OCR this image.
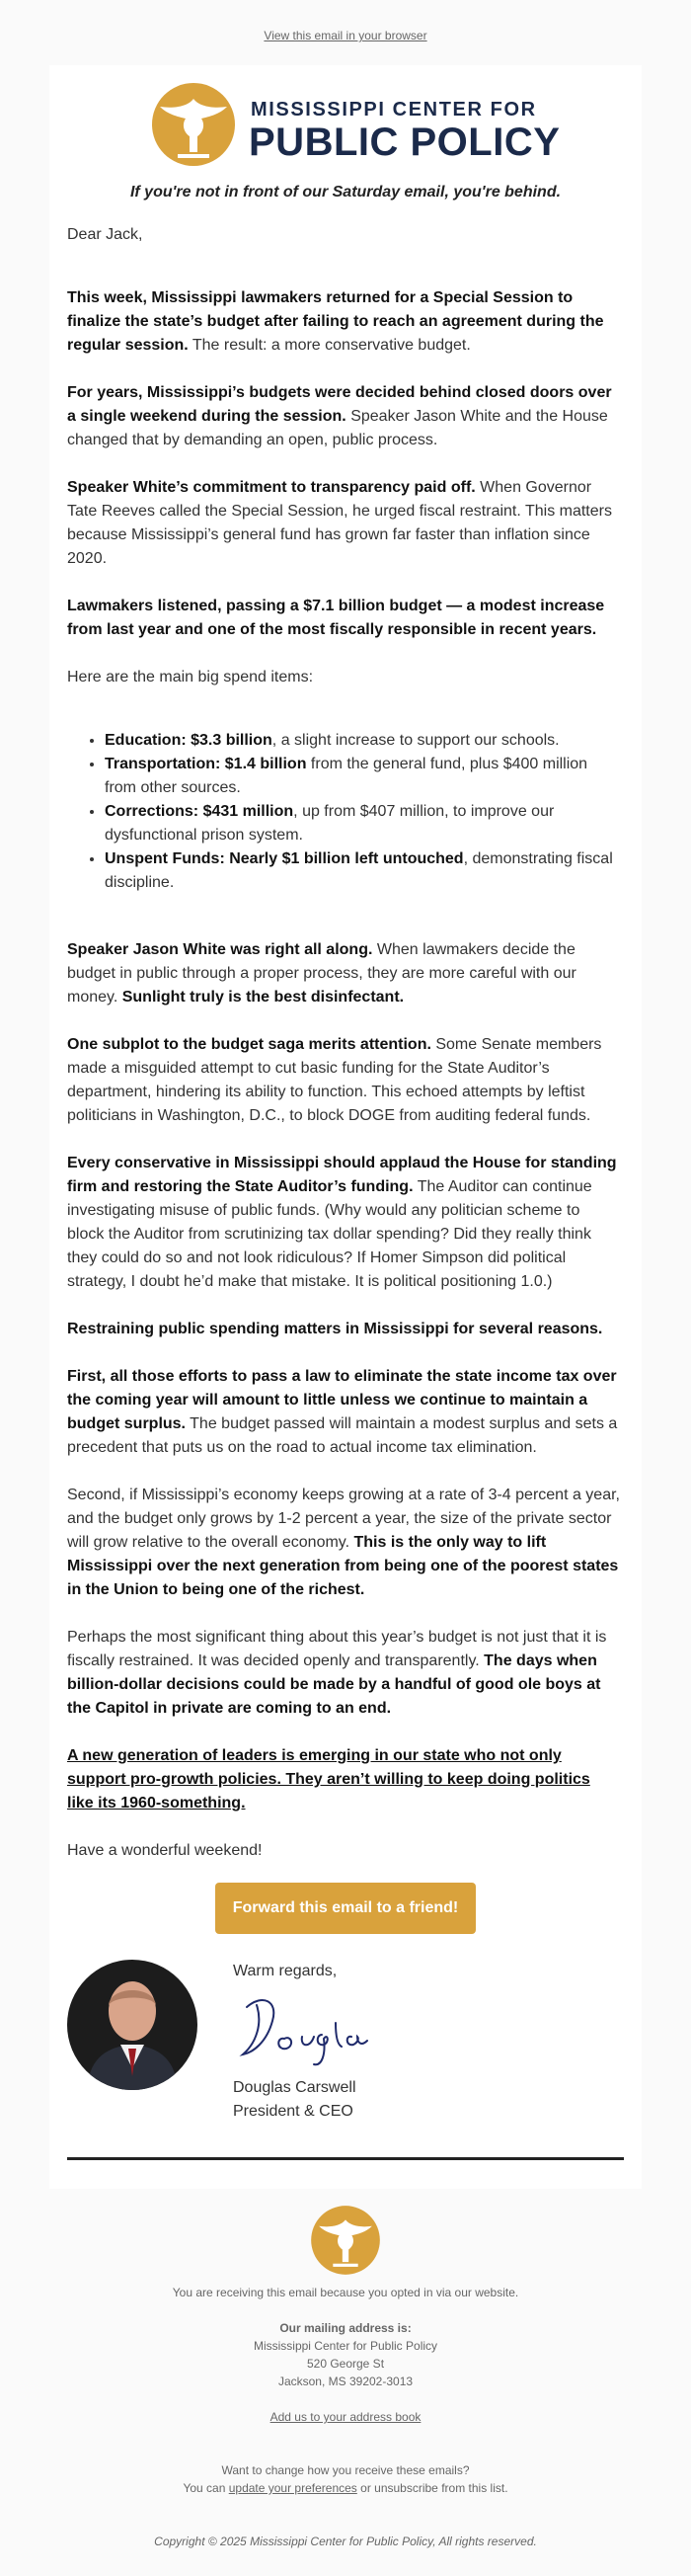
View this email in your browser
MISSISSIPPI CENTER FOR
PUBLIC POLICY
If you're not in front of our Saturday email, you're behind.

Dear Jack,

This week, Mississippi lawmakers returned for a Special Session to finalize the state’s budget after failing to reach an agreement during the regular session. The result: a more conservative budget.

For years, Mississippi’s budgets were decided behind closed doors over a single weekend during the session. Speaker Jason White and the House changed that by demanding an open, public process.

Speaker White’s commitment to transparency paid off. When Governor Tate Reeves called the Special Session, he urged fiscal restraint. This matters because Mississippi’s general fund has grown far faster than inflation since 2020.

Lawmakers listened, passing a $7.1 billion budget — a modest increase from last year and one of the most fiscally responsible in recent years.

Here are the main big spend items:

• Education: $3.3 billion, a slight increase to support our schools.
• Transportation: $1.4 billion from the general fund, plus $400 million from other sources.
• Corrections: $431 million, up from $407 million, to improve our dysfunctional prison system.
• Unspent Funds: Nearly $1 billion left untouched, demonstrating fiscal discipline.

Speaker Jason White was right all along. When lawmakers decide the budget in public through a proper process, they are more careful with our money. Sunlight truly is the best disinfectant.

One subplot to the budget saga merits attention. Some Senate members made a misguided attempt to cut basic funding for the State Auditor’s department, hindering its ability to function. This echoed attempts by leftist politicians in Washington, D.C., to block DOGE from auditing federal funds.

Every conservative in Mississippi should applaud the House for standing firm and restoring the State Auditor’s funding. The Auditor can continue investigating misuse of public funds. (Why would any politician scheme to block the Auditor from scrutinizing tax dollar spending? Did they really think they could do so and not look ridiculous? If Homer Simpson did political strategy, I doubt he’d make that mistake. It is political positioning 1.0.)

Restraining public spending matters in Mississippi for several reasons.

First, all those efforts to pass a law to eliminate the state income tax over the coming year will amount to little unless we continue to maintain a budget surplus. The budget passed will maintain a modest surplus and sets a precedent that puts us on the road to actual income tax elimination.

Second, if Mississippi’s economy keeps growing at a rate of 3-4 percent a year, and the budget only grows by 1-2 percent a year, the size of the private sector will grow relative to the overall economy. This is the only way to lift Mississippi over the next generation from being one of the poorest states in the Union to being one of the richest.

Perhaps the most significant thing about this year’s budget is not just that it is fiscally restrained. It was decided openly and transparently. The days when billion-dollar decisions could be made by a handful of good ole boys at the Capitol in private are coming to an end.

A new generation of leaders is emerging in our state who not only support pro-growth policies. They aren’t willing to keep doing politics like its 1960-something.

Have a wonderful weekend!

Forward this email to a friend!
Warm regards,
Douglas Carswell
President & CEO
You are receiving this email because you opted in via our website.
Our mailing address is:
Mississippi Center for Public Policy
520 George St
Jackson, MS 39202-3013
Add us to your address book
Want to change how you receive these emails?
You can update your preferences or unsubscribe from this list.
Copyright © 2025 Mississippi Center for Public Policy, All rights reserved.
